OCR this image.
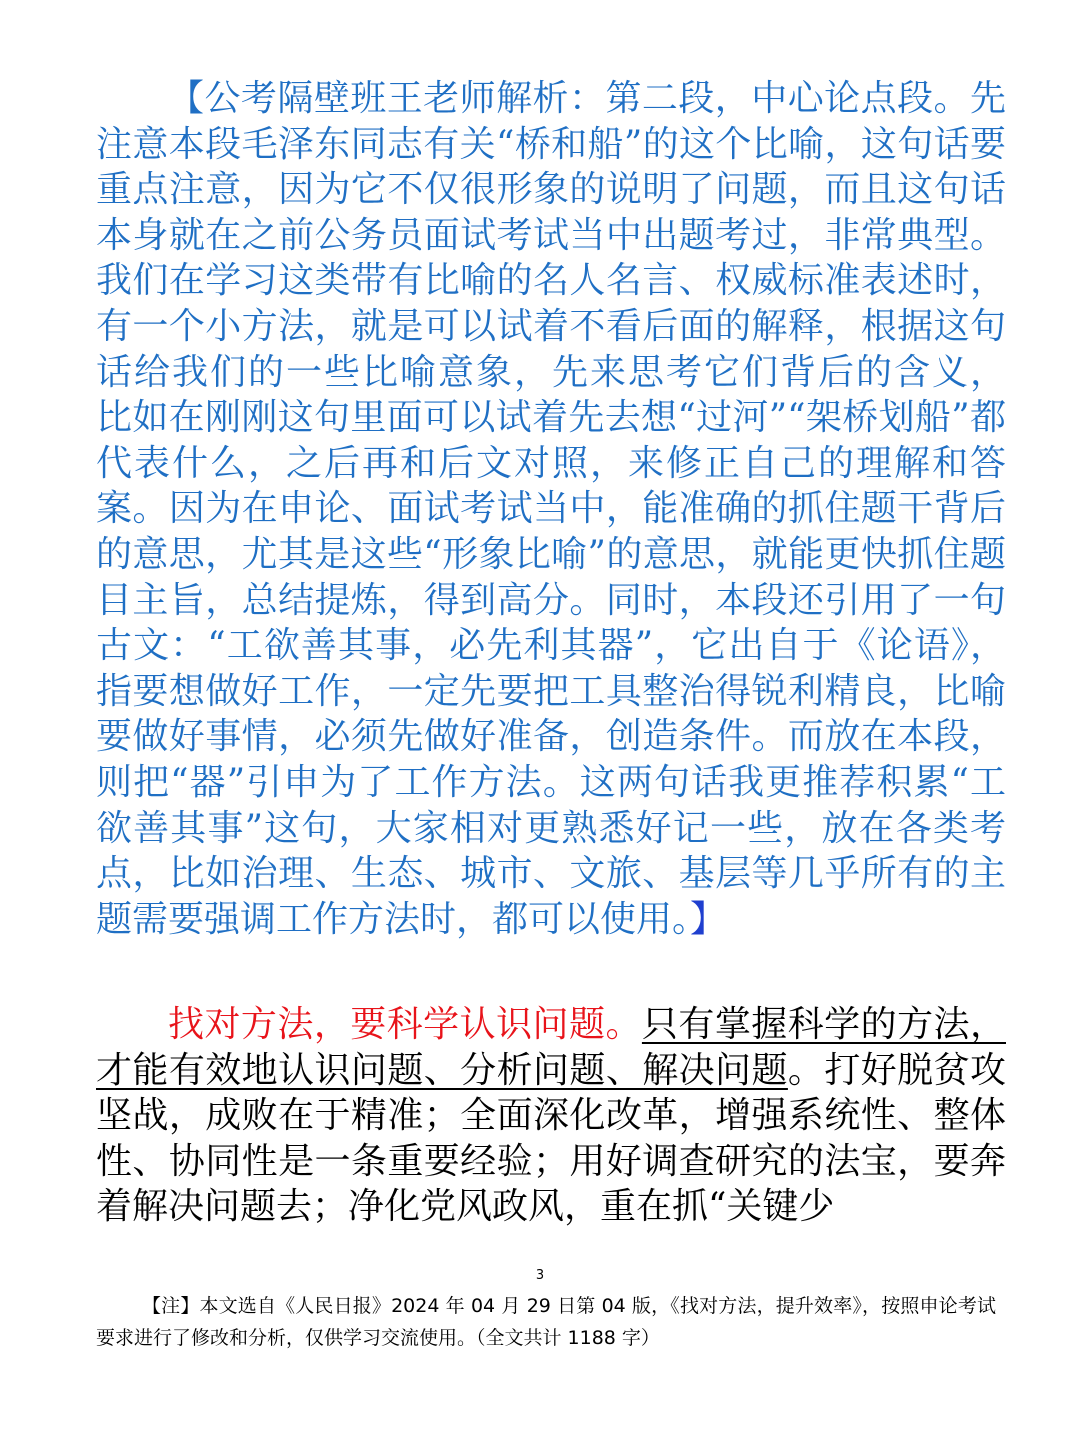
【公考隔壁班王老师解析：第二段，中心论点段。先注意本段毛泽东同志有关“桥和船”的这个比喻，这句话要重点注意，因为它不仅很形象的说明了问题，而且这句话本身就在之前公务员面试考试当中出题考过，非常典型。我们在学习这类带有比喻的名人名言、权威标准表述时，有一个小方法，就是可以试着不看后面的解释，根据这句话给我们的一些比喻意象，先来思考它们背后的含义， 比如在刚刚这句里面可以试着先去想“过河”“架桥划船”都代表什么，之后再和后文对照，来修正自己的理解和答案。因为在申论、面试考试当中，能准确的抓住题干背后的意思，尤其是这些“形象比喻”的意思，就能更快抓住题目主旨，总结提炼，得到高分。同时，本段还引用了一句古文：“工欲善其事，必先利其器”，它出自于《论语》，指要想做好工作，一定先要把工具整治得锐利精良，比喻要做好事情，必须先做好准备，创造条件。而放在本段，则把“器”引申为了工作方法。这两句话我更推荐积累“工欲善其事”这句，大家相对更熟悉好记一些，放在各类考点，比如治理、生态、城市、文旅、基层等几乎所有的主题需要强调工作方法时，都可以使用。】

找对方法，要科学认识问题。只有掌握科学的方法，才能有效地认识问题、分析问题、解决问题。打好脱贫攻坚战，成败在于精准；全面深化改革，增强系统性、整体性、协同性是一条重要经验；用好调查研究的法宝，要奔着解决问题去；净化党风政风，重在抓“关键少

3

【注】本文选自《人民日报》2024 年 04 月 29 日第 04 版，《找对方法，提升效率》，按照申论考试要求进行了修改和分析，仅供学习交流使用。（全文共计 1188 字）
